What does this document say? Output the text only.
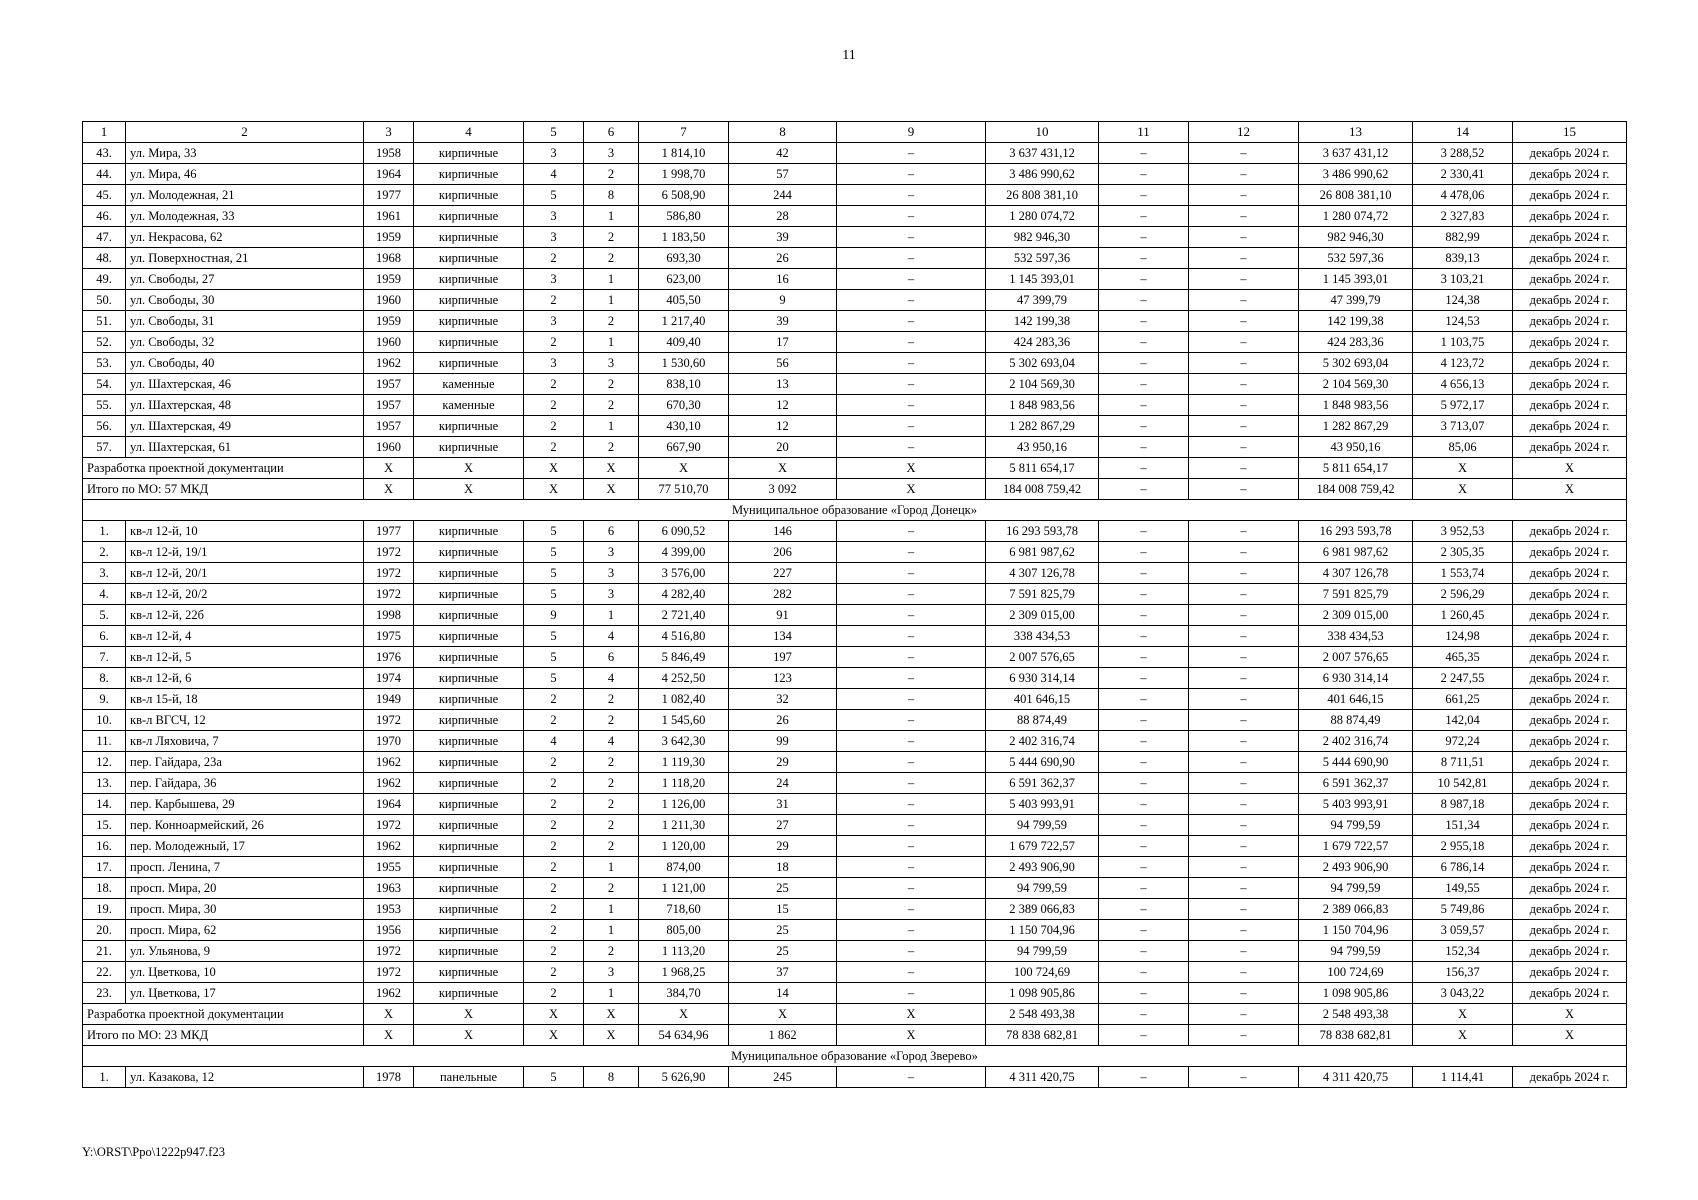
11
1	2	3	4	5	6	7	8	9	10	11	12	13	14	15
43.	ул. Мира, 33	1958	кирпичные	3	3	1 814,10	42	–	3 637 431,12	–	–	3 637 431,12	3 288,52	декабрь 2024 г.
44.	ул. Мира, 46	1964	кирпичные	4	2	1 998,70	57	–	3 486 990,62	–	–	3 486 990,62	2 330,41	декабрь 2024 г.
45.	ул. Молодежная, 21	1977	кирпичные	5	8	6 508,90	244	–	26 808 381,10	–	–	26 808 381,10	4 478,06	декабрь 2024 г.
46.	ул. Молодежная, 33	1961	кирпичные	3	1	586,80	28	–	1 280 074,72	–	–	1 280 074,72	2 327,83	декабрь 2024 г.
47.	ул. Некрасова, 62	1959	кирпичные	3	2	1 183,50	39	–	982 946,30	–	–	982 946,30	882,99	декабрь 2024 г.
48.	ул. Поверхностная, 21	1968	кирпичные	2	2	693,30	26	–	532 597,36	–	–	532 597,36	839,13	декабрь 2024 г.
49.	ул. Свободы, 27	1959	кирпичные	3	1	623,00	16	–	1 145 393,01	–	–	1 145 393,01	3 103,21	декабрь 2024 г.
50.	ул. Свободы, 30	1960	кирпичные	2	1	405,50	9	–	47 399,79	–	–	47 399,79	124,38	декабрь 2024 г.
51.	ул. Свободы, 31	1959	кирпичные	3	2	1 217,40	39	–	142 199,38	–	–	142 199,38	124,53	декабрь 2024 г.
52.	ул. Свободы, 32	1960	кирпичные	2	1	409,40	17	–	424 283,36	–	–	424 283,36	1 103,75	декабрь 2024 г.
53.	ул. Свободы, 40	1962	кирпичные	3	3	1 530,60	56	–	5 302 693,04	–	–	5 302 693,04	4 123,72	декабрь 2024 г.
54.	ул. Шахтерская, 46	1957	каменные	2	2	838,10	13	–	2 104 569,30	–	–	2 104 569,30	4 656,13	декабрь 2024 г.
55.	ул. Шахтерская, 48	1957	каменные	2	2	670,30	12	–	1 848 983,56	–	–	1 848 983,56	5 972,17	декабрь 2024 г.
56.	ул. Шахтерская, 49	1957	кирпичные	2	1	430,10	12	–	1 282 867,29	–	–	1 282 867,29	3 713,07	декабрь 2024 г.
57.	ул. Шахтерская, 61	1960	кирпичные	2	2	667,90	20	–	43 950,16	–	–	43 950,16	85,06	декабрь 2024 г.
Разработка проектной документации		X	X	X	X	X	X	X	5 811 654,17	–	–	5 811 654,17	X	X
Итого по МО: 57 МКД		X	X	X	X	77 510,70	3 092	X	184 008 759,42	–	–	184 008 759,42	X	X
Муниципальное образование «Город Донецк»														
1.	кв-л 12-й, 10	1977	кирпичные	5	6	6 090,52	146	–	16 293 593,78	–	–	16 293 593,78	3 952,53	декабрь 2024 г.
2.	кв-л 12-й, 19/1	1972	кирпичные	5	3	4 399,00	206	–	6 981 987,62	–	–	6 981 987,62	2 305,35	декабрь 2024 г.
3.	кв-л 12-й, 20/1	1972	кирпичные	5	3	3 576,00	227	–	4 307 126,78	–	–	4 307 126,78	1 553,74	декабрь 2024 г.
4.	кв-л 12-й, 20/2	1972	кирпичные	5	3	4 282,40	282	–	7 591 825,79	–	–	7 591 825,79	2 596,29	декабрь 2024 г.
5.	кв-л 12-й, 22б	1998	кирпичные	9	1	2 721,40	91	–	2 309 015,00	–	–	2 309 015,00	1 260,45	декабрь 2024 г.
6.	кв-л 12-й, 4	1975	кирпичные	5	4	4 516,80	134	–	338 434,53	–	–	338 434,53	124,98	декабрь 2024 г.
7.	кв-л 12-й, 5	1976	кирпичные	5	6	5 846,49	197	–	2 007 576,65	–	–	2 007 576,65	465,35	декабрь 2024 г.
8.	кв-л 12-й, 6	1974	кирпичные	5	4	4 252,50	123	–	6 930 314,14	–	–	6 930 314,14	2 247,55	декабрь 2024 г.
9.	кв-л 15-й, 18	1949	кирпичные	2	2	1 082,40	32	–	401 646,15	–	–	401 646,15	661,25	декабрь 2024 г.
10.	кв-л ВГСЧ, 12	1972	кирпичные	2	2	1 545,60	26	–	88 874,49	–	–	88 874,49	142,04	декабрь 2024 г.
11.	кв-л Ляховича, 7	1970	кирпичные	4	4	3 642,30	99	–	2 402 316,74	–	–	2 402 316,74	972,24	декабрь 2024 г.
12.	пер. Гайдара, 23а	1962	кирпичные	2	2	1 119,30	29	–	5 444 690,90	–	–	5 444 690,90	8 711,51	декабрь 2024 г.
13.	пер. Гайдара, 36	1962	кирпичные	2	2	1 118,20	24	–	6 591 362,37	–	–	6 591 362,37	10 542,81	декабрь 2024 г.
14.	пер. Карбышева, 29	1964	кирпичные	2	2	1 126,00	31	–	5 403 993,91	–	–	5 403 993,91	8 987,18	декабрь 2024 г.
15.	пер. Конноармейский, 26	1972	кирпичные	2	2	1 211,30	27	–	94 799,59	–	–	94 799,59	151,34	декабрь 2024 г.
16.	пер. Молодежный, 17	1962	кирпичные	2	2	1 120,00	29	–	1 679 722,57	–	–	1 679 722,57	2 955,18	декабрь 2024 г.
17.	просп. Ленина, 7	1955	кирпичные	2	1	874,00	18	–	2 493 906,90	–	–	2 493 906,90	6 786,14	декабрь 2024 г.
18.	просп. Мира, 20	1963	кирпичные	2	2	1 121,00	25	–	94 799,59	–	–	94 799,59	149,55	декабрь 2024 г.
19.	просп. Мира, 30	1953	кирпичные	2	1	718,60	15	–	2 389 066,83	–	–	2 389 066,83	5 749,86	декабрь 2024 г.
20.	просп. Мира, 62	1956	кирпичные	2	1	805,00	25	–	1 150 704,96	–	–	1 150 704,96	3 059,57	декабрь 2024 г.
21.	ул. Ульянова, 9	1972	кирпичные	2	2	1 113,20	25	–	94 799,59	–	–	94 799,59	152,34	декабрь 2024 г.
22.	ул. Цветкова, 10	1972	кирпичные	2	3	1 968,25	37	–	100 724,69	–	–	100 724,69	156,37	декабрь 2024 г.
23.	ул. Цветкова, 17	1962	кирпичные	2	1	384,70	14	–	1 098 905,86	–	–	1 098 905,86	3 043,22	декабрь 2024 г.
Разработка проектной документации		X	X	X	X	X	X	X	2 548 493,38	–	–	2 548 493,38	X	X
Итого по МО: 23 МКД		X	X	X	X	54 634,96	1 862	X	78 838 682,81	–	–	78 838 682,81	X	X
Муниципальное образование «Город Зверево»														
1.	ул. Казакова, 12	1978	панельные	5	8	5 626,90	245	–	4 311 420,75	–	–	4 311 420,75	1 114,41	декабрь 2024 г.
Y:\ORST\Ppo\1222p947.f23
